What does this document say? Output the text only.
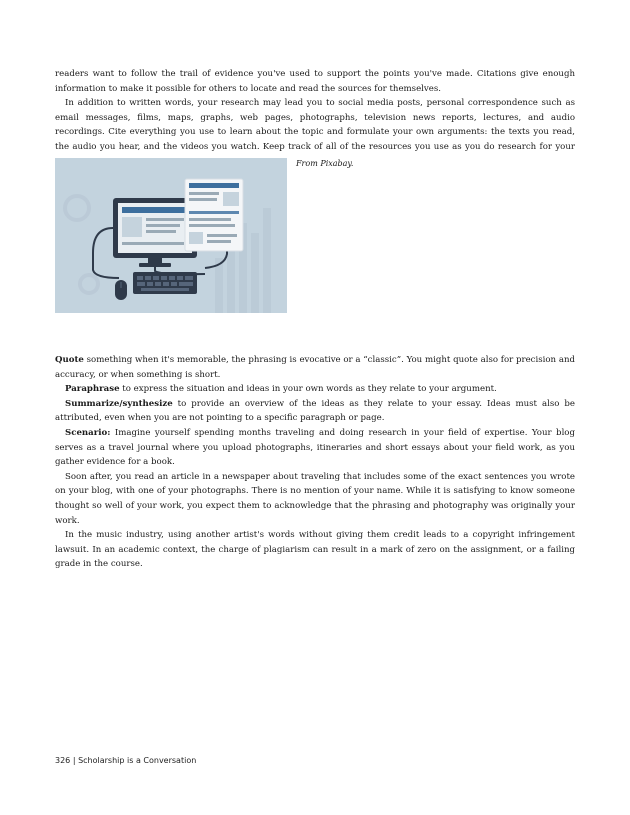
readers want to follow the trail of evidence you've used to support the points you've made. Citations give enough information to make it possible for others to locate and read the sources for themselves.

In addition to written words, your research may lead you to social media posts, personal correspondence such as email messages, films, maps, graphs, web pages, photographs, television news reports, lectures, and audio recordings. Cite everything you use to learn about the topic and formulate your own arguments: the texts you read, the audio you hear, and the videos you watch. Keep track of all of the resources you use as you do research for your

From Pixabay.

Quote something when it's memorable, the phrasing is evocative or a “classic”. You might quote also for precision and accuracy, or when something is short.

Paraphrase to express the situation and ideas in your own words as they relate to your argument.

Summarize/synthesize to provide an overview of the ideas as they relate to your essay. Ideas must also be attributed, even when you are not pointing to a specific paragraph or page.

Scenario: Imagine yourself spending months traveling and doing research in your field of expertise. Your blog serves as a travel journal where you upload photographs, itineraries and short essays about your field work, as you gather evidence for a book.

Soon after, you read an article in a newspaper about traveling that includes some of the exact sentences you wrote on your blog, with one of your photographs. There is no mention of your name. While it is satisfying to know someone thought so well of your work, you expect them to acknowledge that the phrasing and photography was originally your work.

In the music industry, using another artist's words without giving them credit leads to a copyright infringement lawsuit. In an academic context, the charge of plagiarism can result in a mark of zero on the assignment, or a failing grade in the course.

326 | Scholarship is a Conversation
